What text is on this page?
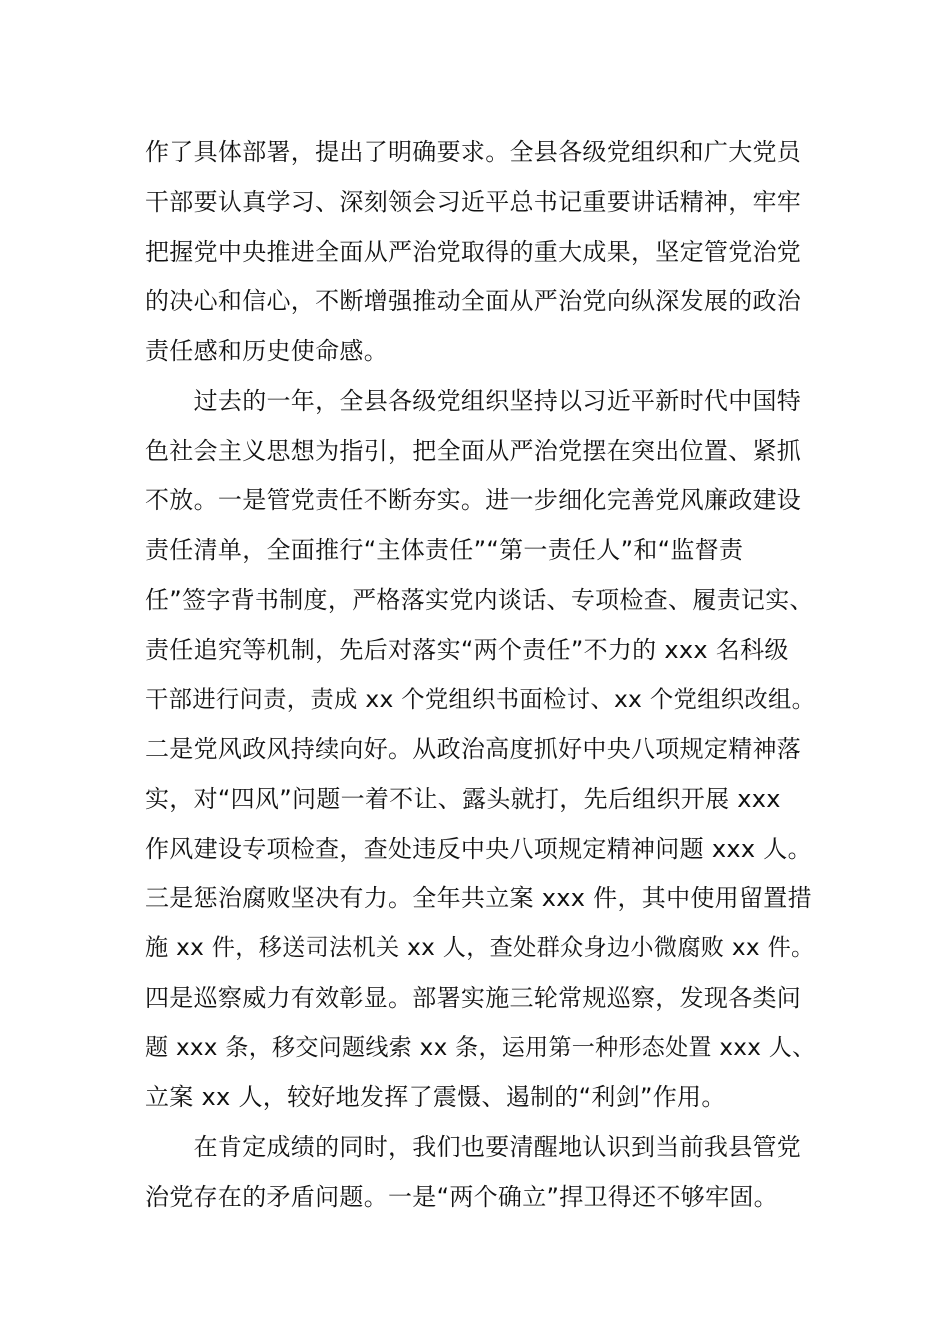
作了具体部署，提出了明确要求。全县各级党组织和广大党员
干部要认真学习、深刻领会习近平总书记重要讲话精神，牢牢
把握党中央推进全面从严治党取得的重大成果，坚定管党治党
的决心和信心，不断增强推动全面从严治党向纵深发展的政治
责任感和历史使命感。
　　过去的一年，全县各级党组织坚持以习近平新时代中国特
色社会主义思想为指引，把全面从严治党摆在突出位置、紧抓
不放。一是管党责任不断夯实。进一步细化完善党风廉政建设
责任清单，全面推行“主体责任”“第一责任人”和“监督责
任”签字背书制度，严格落实党内谈话、专项检查、履责记实、
责任追究等机制，先后对落实“两个责任”不力的 xxx 名科级
干部进行问责，责成 xx 个党组织书面检讨、xx 个党组织改组。
二是党风政风持续向好。从政治高度抓好中央八项规定精神落
实，对“四风”问题一着不让、露头就打，先后组织开展 xxx
作风建设专项检查，查处违反中央八项规定精神问题 xxx 人。
三是惩治腐败坚决有力。全年共立案 xxx 件，其中使用留置措
施 xx 件，移送司法机关 xx 人，查处群众身边小微腐败 xx 件。
四是巡察威力有效彰显。部署实施三轮常规巡察，发现各类问
题 xxx 条，移交问题线索 xx 条，运用第一种形态处置 xxx 人、
立案 xx 人，较好地发挥了震慑、遏制的“利剑”作用。
　　在肯定成绩的同时，我们也要清醒地认识到当前我县管党
治党存在的矛盾问题。一是“两个确立”捍卫得还不够牢固。
